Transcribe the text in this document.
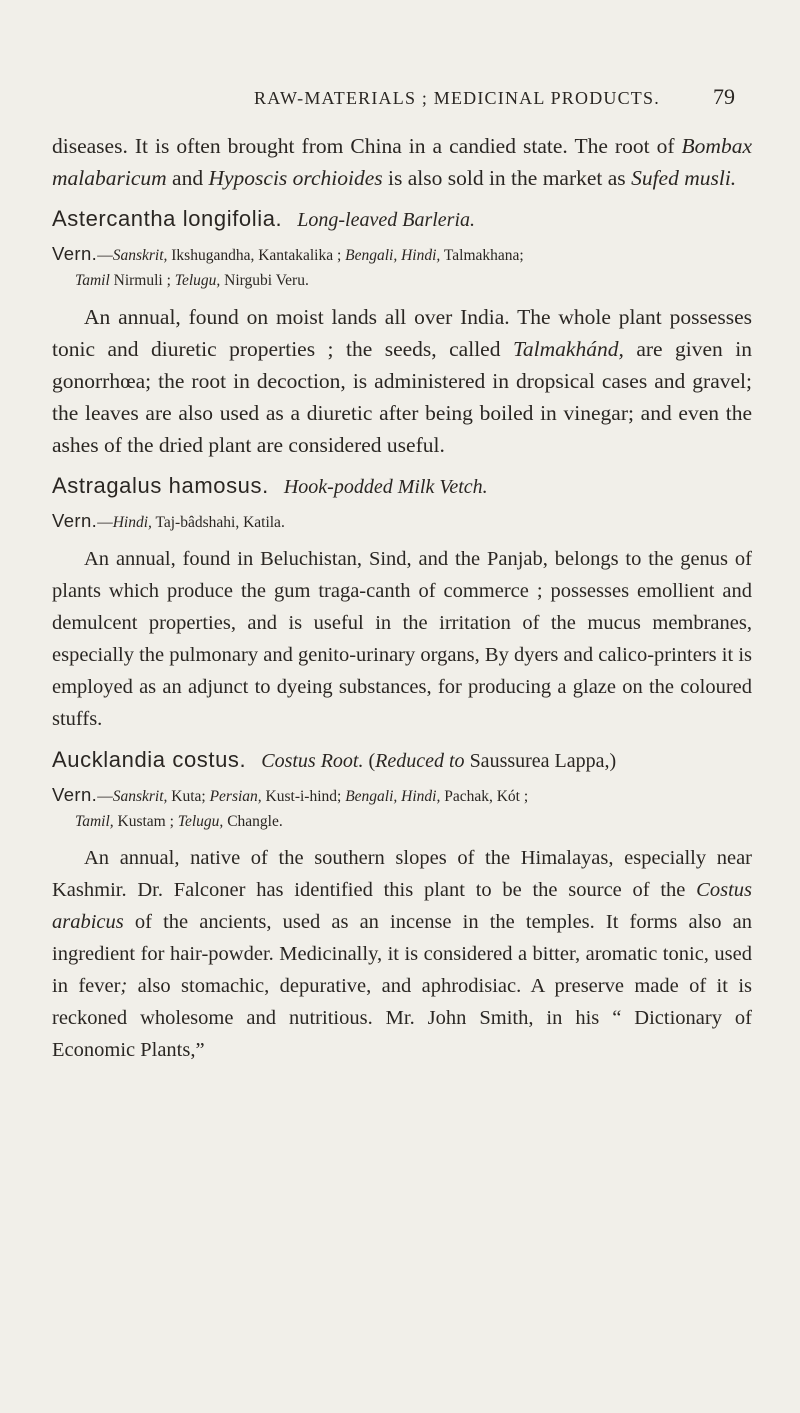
RAW-MATERIALS ; MEDICINAL PRODUCTS. 79

diseases. It is often brought from China in a candied state. The root of Bombax malabaricum and Hyposcis orchioides is also sold in the market as Sufed musli.

Astercantha longifolia. Long-leaved Barleria.
Vern.—Sanskrit, Ikshugandha, Kantakalika ; Bengali, Hindi, Talmakhana;
Tamil Nirmuli ; Telugu, Nirgubi Veru.

An annual, found on moist lands all over India. The whole plant possesses tonic and diuretic properties ; the seeds, called Talmakhánd, are given in gonorrhœa; the root in decoction, is administered in dropsical cases and gravel; the leaves are also used as a diuretic after being boiled in vinegar; and even the ashes of the dried plant are considered useful.

Astragalus hamosus. Hook-podded Milk Vetch.
Vern.—Hindi, Taj-bâdshahi, Katila.

An annual, found in Beluchistan, Sind, and the Panjab, belongs to the genus of plants which produce the gum traga-canth of commerce ; possesses emollient and demulcent properties, and is useful in the irritation of the mucus membranes, especially the pulmonary and genito-urinary organs, By dyers and calico-printers it is employed as an adjunct to dyeing substances, for producing a glaze on the coloured stuffs.

Aucklandia costus. Costus Root. (Reduced to Saussurea Lappa,)
Vern.—Sanskrit, Kuta; Persian, Kust-i-hind; Bengali, Hindi, Pachak, Kót ;
Tamil, Kustam ; Telugu, Changle.

An annual, native of the southern slopes of the Himalayas, especially near Kashmir. Dr. Falconer has identified this plant to be the source of the Costus arabicus of the ancients, used as an incense in the temples. It forms also an ingredient for hair-powder. Medicinally, it is considered a bitter, aromatic tonic, used in fever; also stomachic, depurative, and aphrodisiac. A preserve made of it is reckoned wholesome and nutritious. Mr. John Smith, in his “ Dictionary of Economic Plants,”
